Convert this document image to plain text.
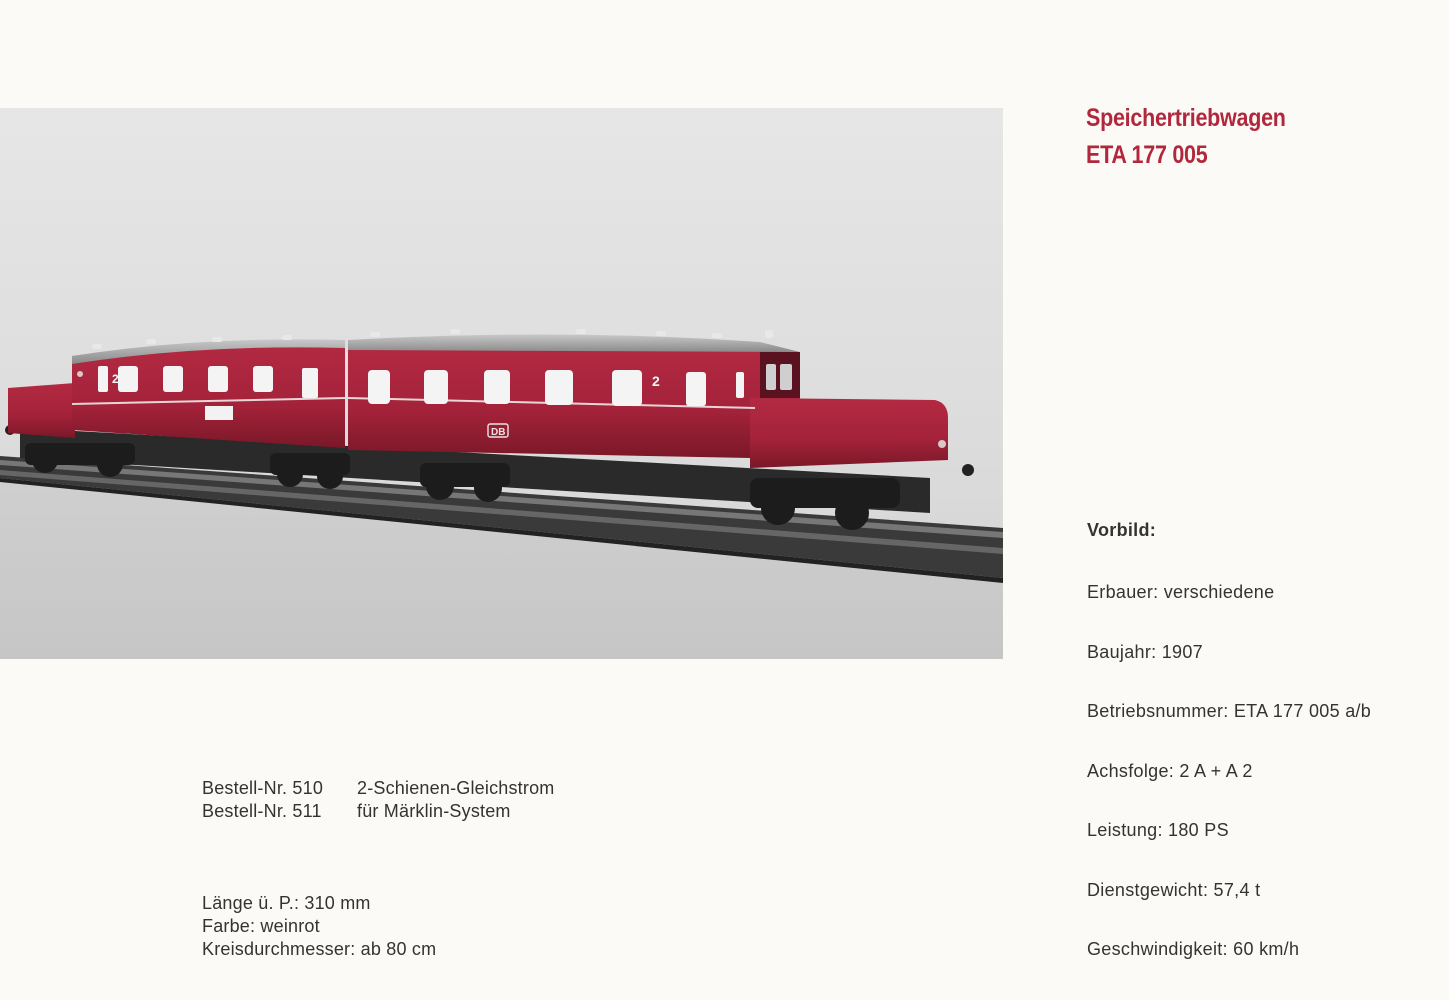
2	2
DB
Speichertriebwagen
ETA 177 005
Bestell-Nr. 510	2-Schienen-Gleichstrom
Bestell-Nr. 511	für Märklin-System
Länge ü. P.: 310 mm
Farbe: weinrot
Kreisdurchmesser: ab 80 cm
Vorbild:
Erbauer: verschiedene
Baujahr: 1907
Betriebsnummer: ETA 177 005 a/b
Achsfolge: 2 A + A 2
Leistung: 180 PS
Dienstgewicht: 57,4 t
Geschwindigkeit: 60 km/h
